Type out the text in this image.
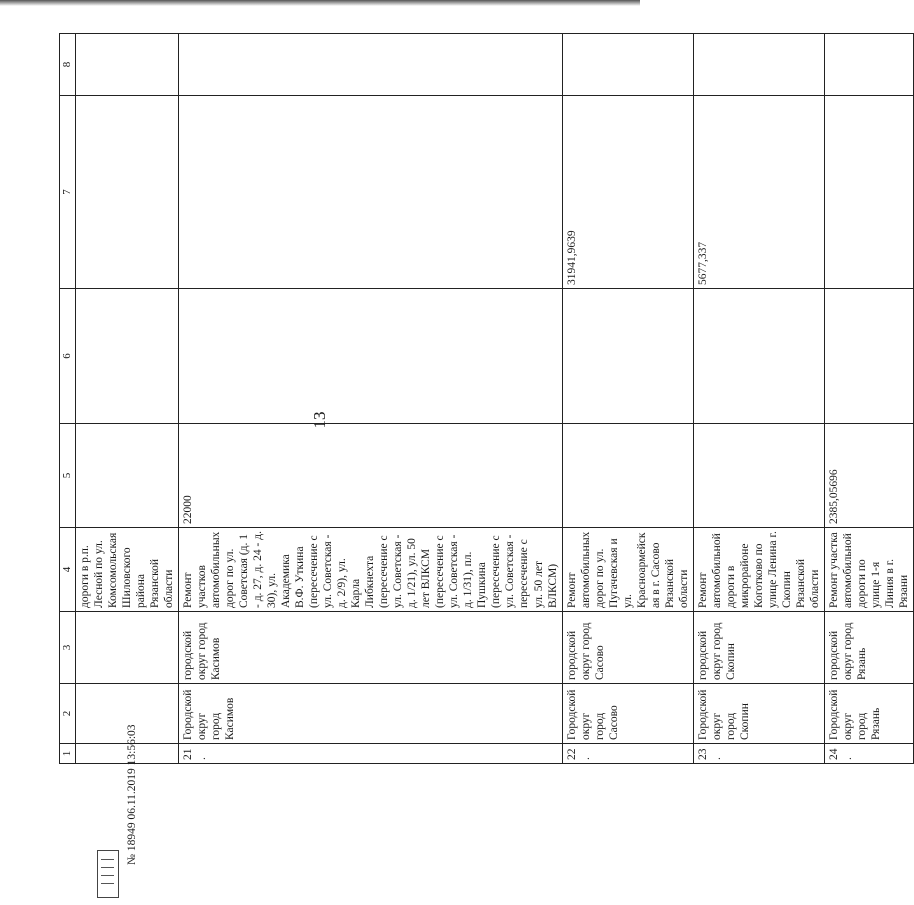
13
1	2	3	4	5	6	7	8
			дороги в р.п. Лесной по ул. Комсомольская Шиловского района Рязанской области				
21.	Городской округ город Касимов	городской округ город Касимов	Ремонт участков автомобильных дорог по ул. Советская (д. 1 - д. 27, д. 24 - д. 30), ул. Академика В.Ф. Уткина (пересечение с ул. Советская - д. 2/9), ул. Карла Либкнехта (пересечение с ул. Советская - д. 1/21), ул. 50 лет ВЛКСМ (пересечение с ул. Советская - д. 1/31), пл. Пушкина (пересечение с ул. Советская - пересечение с ул. 50 лет ВЛКСМ)	22000			
22.	Городской округ город Сасово	городской округ город Сасово	Ремонт автомобильных дорог по ул. Пугачевская и ул. Красноармейская в г. Сасово Рязанской области			31941,9639	
23.	Городской округ город Скопин	городской округ город Скопин	Ремонт автомобильной дороги в микрорайоне Коготково по улице Ленина г. Скопин Рязанской области			5677,337	
24.	Городской округ город Рязань	городской округ город Рязань	Ремонт участка автомобильной дороги по улице 1-я Линия в г. Рязани	2385,05696			
№ 18949 06.11.2019 13:56:03
